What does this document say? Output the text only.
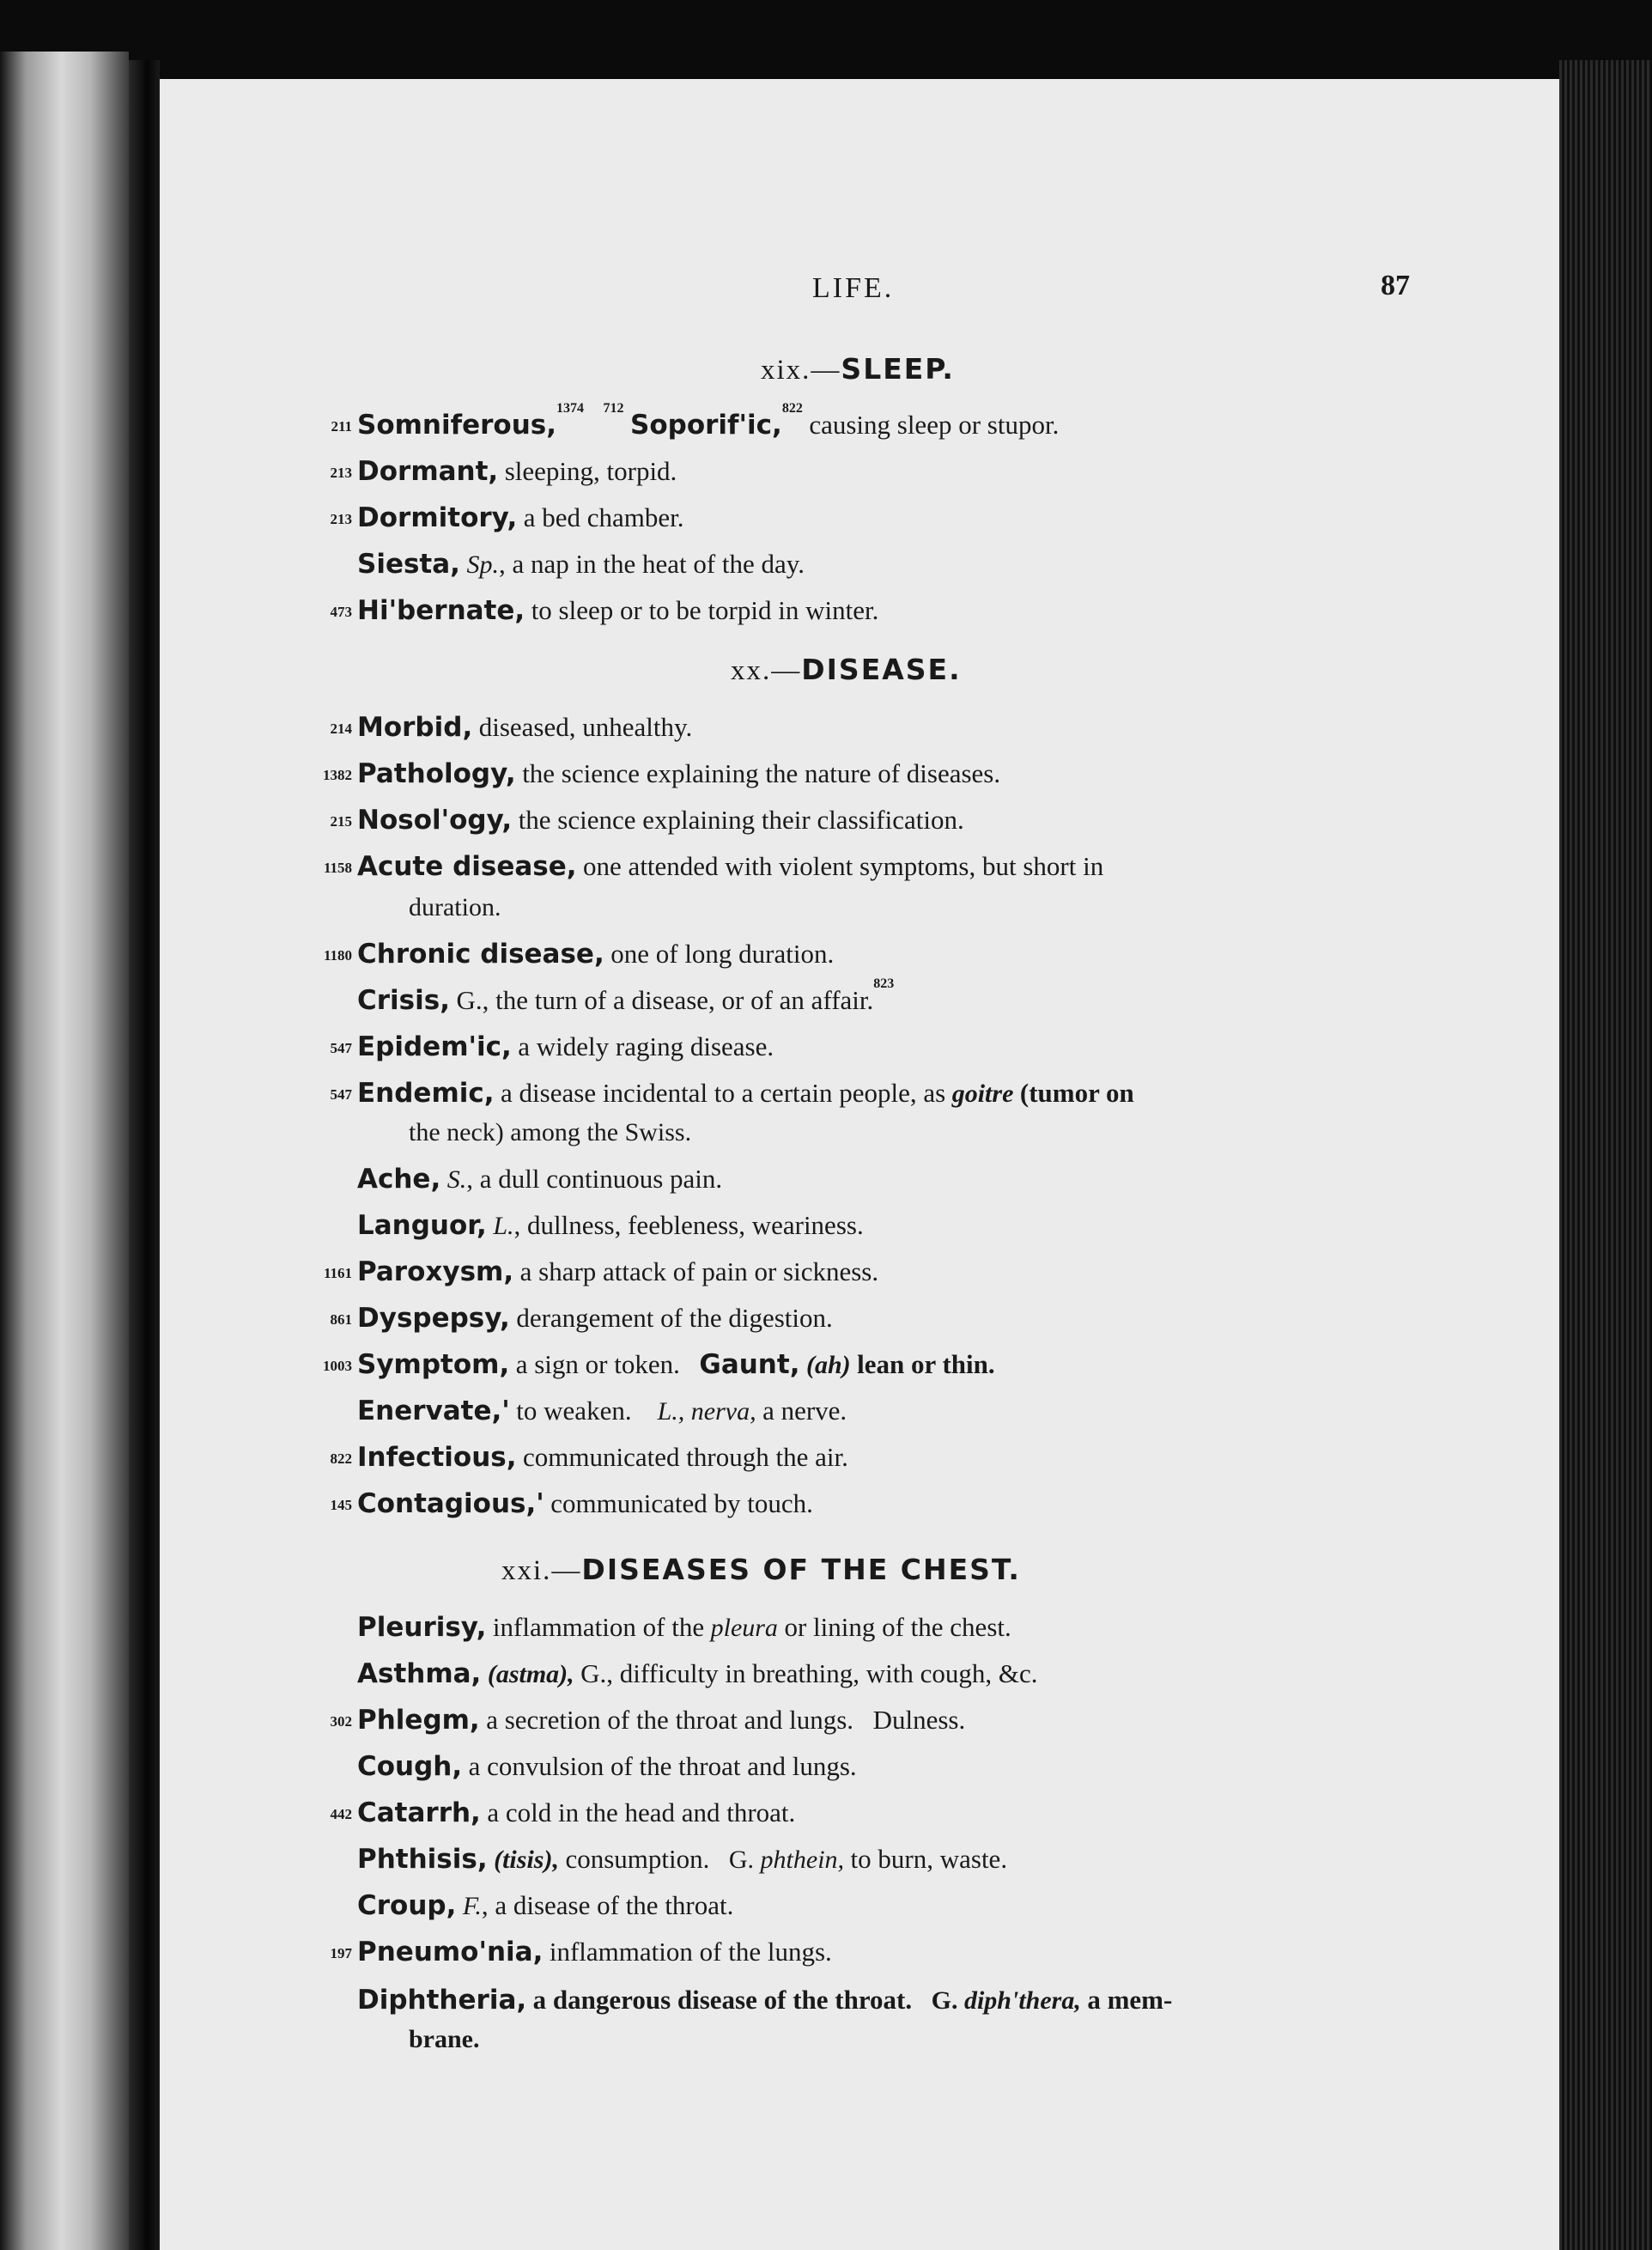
LIFE.	87
xix.—SLEEP.
211 Somniferous,$^{1374}$ $^{712}$ Soporif'ic,$^{822}$ causing sleep or stupor.
213 Dormant, sleeping, torpid.
213 Dormitory, a bed chamber.
Siesta, Sp., a nap in the heat of the day.
473 Hi'bernate, to sleep or to be torpid in winter.
xx.—DISEASE.
214 Morbid, diseased, unhealthy.
1382 Pathology, the science explaining the nature of diseases.
215 Nosol'ogy, the science explaining their classification.
1158 Acute disease, one attended with violent symptoms, but short in
duration.
1180 Chronic disease, one of long duration.
Crisis, G., the turn of a disease, or of an affair.$^{823}$
547 Epidem'ic, a widely raging disease.
547 Endemic, a disease incidental to a certain people, as goitre (tumor on
the neck) among the Swiss.
Ache, S., a dull continuous pain.
Languor, L., dullness, feebleness, weariness.
1161 Paroxysm, a sharp attack of pain or sickness.
861 Dyspepsy, derangement of the digestion.
1003 Symptom, a sign or token. Gaunt, (ah) lean or thin.
Enervate,' to weaken. L., nerva, a nerve.
822 Infectious, communicated through the air.
145 Contagious,' communicated by touch.
xxi.—DISEASES OF THE CHEST.
Pleurisy, inflammation of the pleura or lining of the chest.
Asthma, (astma), G., difficulty in breathing, with cough, &c.
302 Phlegm, a secretion of the throat and lungs. Dulness.
Cough, a convulsion of the throat and lungs.
442 Catarrh, a cold in the head and throat.
Phthisis, (tisis), consumption. G. phthein, to burn, waste.
Croup, F., a disease of the throat.
197 Pneumo'nia, inflammation of the lungs.
Diphtheria, a dangerous disease of the throat. G. diph'thera, a mem-
brane.
